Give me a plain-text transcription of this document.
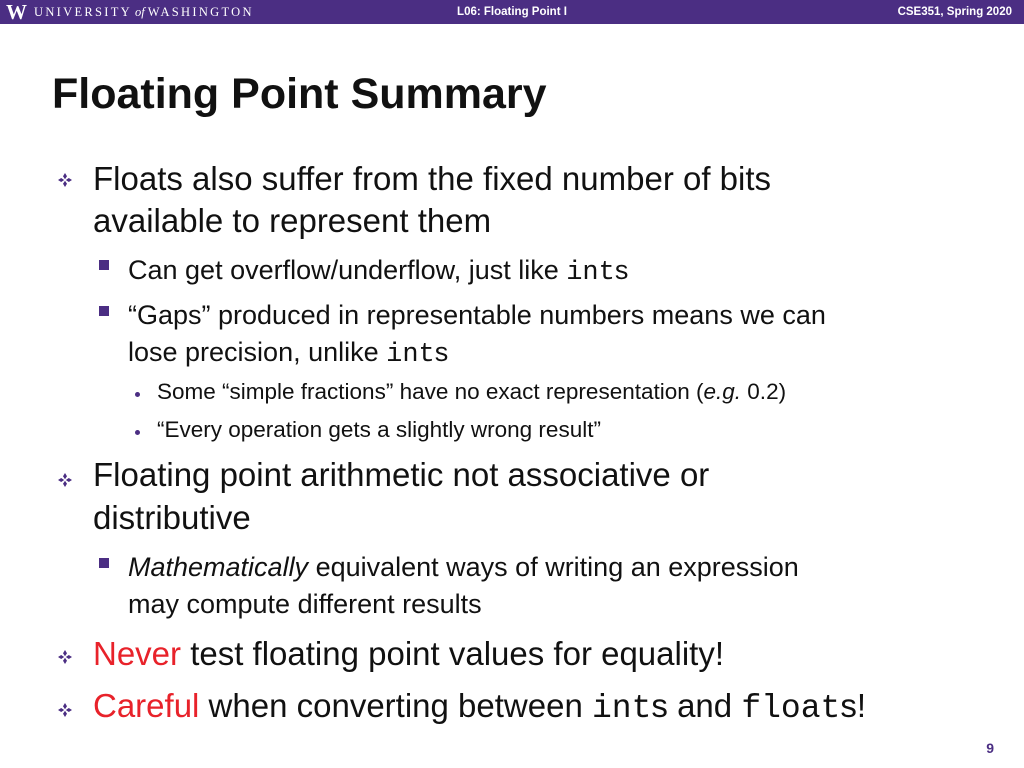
W UNIVERSITY of WASHINGTON	L06: Floating Point I	CSE351, Spring 2020
Floating Point Summary
Floats also suffer from the fixed number of bits
available to represent them
Can get overflow/underflow, just like ints
“Gaps” produced in representable numbers means we can
lose precision, unlike ints
Some “simple fractions” have no exact representation (e.g. 0.2)
“Every operation gets a slightly wrong result”
Floating point arithmetic not associative or
distributive
Mathematically equivalent ways of writing an expression
may compute different results
Never test floating point values for equality!
Careful when converting between ints and floats!
9
